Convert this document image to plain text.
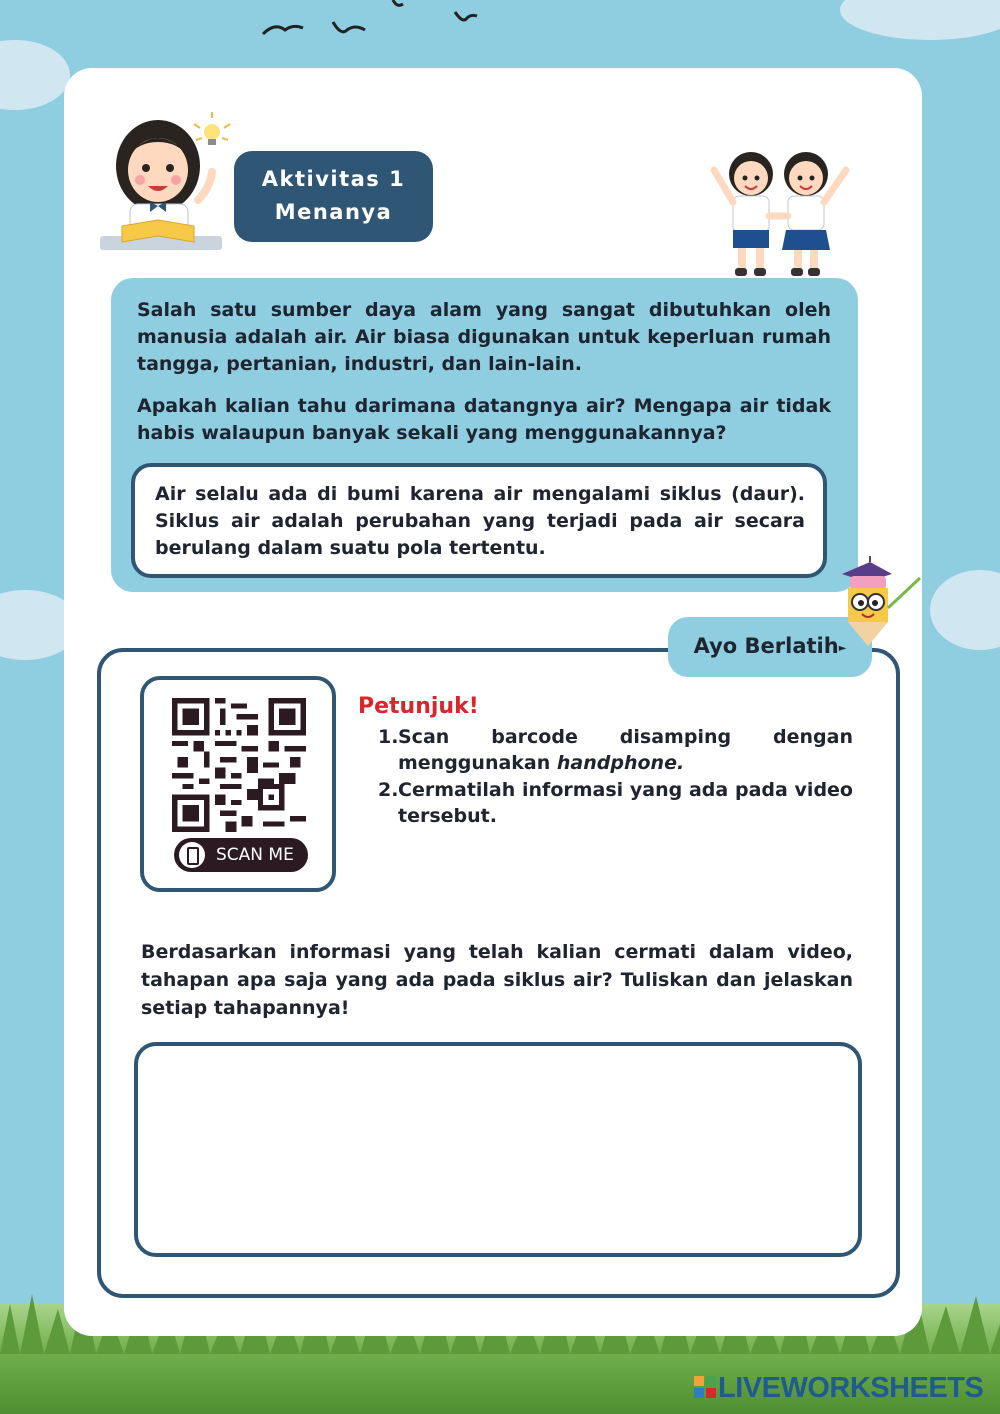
Aktivitas 1
Menanya

Salah satu sumber daya alam yang sangat dibutuhkan oleh manusia adalah air. Air biasa digunakan untuk keperluan rumah tangga, pertanian, industri, dan lain-lain.

Apakah kalian tahu darimana datangnya air? Mengapa air tidak habis walaupun banyak sekali yang menggunakannya?

Air selalu ada di bumi karena air mengalami siklus (daur). Siklus air adalah perubahan yang terjadi pada air secara berulang dalam suatu pola tertentu.

Ayo Berlatih►
SCAN ME
Petunjuk!
1. Scan barcode disamping dengan menggunakan handphone.
2. Cermatilah informasi yang ada pada video tersebut.

Berdasarkan informasi yang telah kalian cermati dalam video, tahapan apa saja yang ada pada siklus air? Tuliskan dan jelaskan setiap tahapannya!

LIVEWORKSHEETS
